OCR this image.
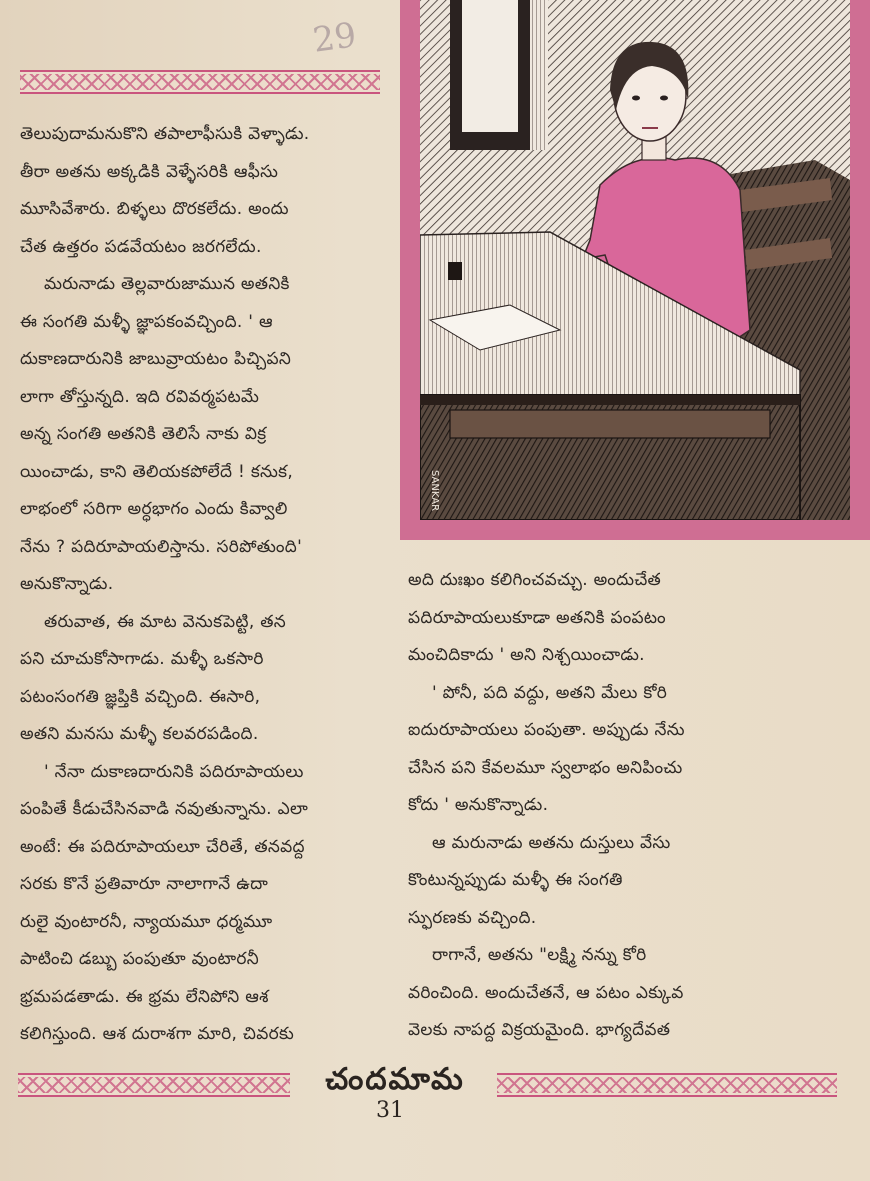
29
SANKAR

తెలుపుదామనుకొని తపాలాఫీసుకి వెళ్ళాడు.

తీరా అతను అక్కడికి వెళ్ళేసరికి ఆఫీసు

మూసివేశారు. బిళ్ళలు దొరకలేదు. అందు

చేత ఉత్తరం పడవేయటం జరగలేదు.

మరునాడు తెల్లవారుజామున అతనికి

ఈ సంగతి మళ్ళీ జ్ఞాపకంవచ్చింది. ' ఆ

దుకాణదారునికి జాబువ్రాయటం పిచ్చిపని

లాగా తోస్తున్నది. ఇది రవివర్మపటమే

అన్న సంగతి అతనికి తెలిసే నాకు విక్ర

యించాడు, కాని తెలియకపోలేదే ! కనుక,

లాభంలో సరిగా అర్ధభాగం ఎందు కివ్వాలి

నేను ? పదిరూపాయలిస్తాను. సరిపోతుంది'

అనుకొన్నాడు.

తరువాత, ఈ మాట వెనుకపెట్టి, తన

పని చూచుకోసాగాడు. మళ్ళీ ఒకసారి

పటంసంగతి జ్ఞప్తికి వచ్చింది. ఈసారి,

అతని మనసు మళ్ళీ కలవరపడింది.

' నేనా దుకాణదారునికి పదిరూపాయలు

పంపితే కీడుచేసినవాడి నవుతున్నాను. ఎలా

అంటే: ఈ పదిరూపాయలూ చేరితే, తనవద్ద

సరకు కొనే ప్రతివారూ నాలాగానే ఉదా

రులై వుంటారనీ, న్యాయమూ ధర్మమూ

పాటించి డబ్బు పంపుతూ వుంటారనీ

భ్రమపడతాడు. ఈ భ్రమ లేనిపోని ఆశ

కలిగిస్తుంది. ఆశ దురాశగా మారి, చివరకు

అది దుఃఖం కలిగించవచ్చు. అందుచేత

పదిరూపాయలుకూడా అతనికి పంపటం

మంచిదికాదు ' అని నిశ్చయించాడు.

' పోనీ, పది వద్దు, అతని మేలు కోరి

ఐదురూపాయలు పంపుతా. అప్పుడు నేను

చేసిన పని కేవలమూ స్వలాభం అనిపించు

కోదు ' అనుకొన్నాడు.

ఆ మరునాడు అతను దుస్తులు వేసు

కొంటున్నప్పుడు మళ్ళీ ఈ సంగతి

స్ఫురణకు వచ్చింది.

రాగానే, అతను "లక్ష్మి నన్ను కోరి

వరించింది. అందుచేతనే, ఆ పటం ఎక్కువ

వెలకు నాపద్ద విక్రయమైంది. భాగ్యదేవత

చందమామ
31
